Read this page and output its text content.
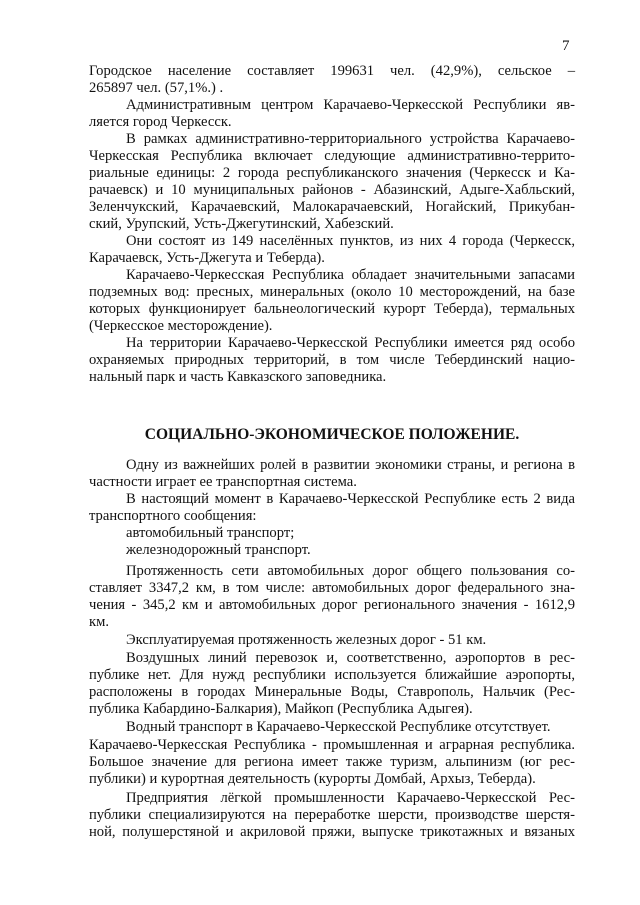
7
Городское население составляет 199631 чел. (42,9%), сельское –
265897 чел. (57,1%.) .
Административным центром Карачаево-Черкесской Республики яв-
ляется город Черкесск.
В рамках административно-территориального устройства Карачаево-
Черкесская Республика включает следующие административно-террито-
риальные единицы: 2 города республиканского значения (Черкесск и Ка-
рачаевск) и 10 муниципальных районов - Абазинский, Адыге-Хабльский,
Зеленчукский, Карачаевский, Малокарачаевский, Ногайский, Прикубан-
ский, Урупский, Усть-Джегутинский, Хабезский.
Они состоят из 149 населённых пунктов, из них 4 города (Черкесск,
Карачаевск, Усть-Джегута и Теберда).
Карачаево-Черкесская Республика обладает значительными запасами
подземных вод: пресных, минеральных (около 10 месторождений, на базе
которых функционирует бальнеологический курорт Теберда), термальных
(Черкесское месторождение).
На территории Карачаево-Черкесской Республики имеется ряд особо
охраняемых природных территорий, в том числе Тебердинский нацио-
нальный парк и часть Кавказского заповедника.
СОЦИАЛЬНО-ЭКОНОМИЧЕСКОЕ ПОЛОЖЕНИЕ.
Одну из важнейших ролей в развитии экономики страны, и региона в
частности играет ее транспортная система.
В настоящий момент в Карачаево-Черкесской Республике есть 2 вида
транспортного сообщения:
автомобильный транспорт;
железнодорожный транспорт.
Протяженность сети автомобильных дорог общего пользования со-
ставляет 3347,2 км, в том числе: автомобильных дорог федерального зна-
чения - 345,2 км и автомобильных дорог регионального значения - 1612,9
км.
Эксплуатируемая протяженность железных дорог - 51 км.
Воздушных линий перевозок и, соответственно, аэропортов в рес-
публике нет. Для нужд республики используется ближайшие аэропорты,
расположены в городах Минеральные Воды, Ставрополь, Нальчик (Рес-
публика Кабардино-Балкария), Майкоп (Республика Адыгея).
Водный транспорт в Карачаево-Черкесской Республике отсутствует.
Карачаево-Черкесская Республика - промышленная и аграрная республика.
Большое значение для региона имеет также туризм, альпинизм (юг рес-
публики) и курортная деятельность (курорты Домбай, Архыз, Теберда).
Предприятия лёгкой промышленности Карачаево-Черкесской Рес-
публики специализируются на переработке шерсти, производстве шерстя-
ной, полушерстяной и акриловой пряжи, выпуске трикотажных и вязаных
